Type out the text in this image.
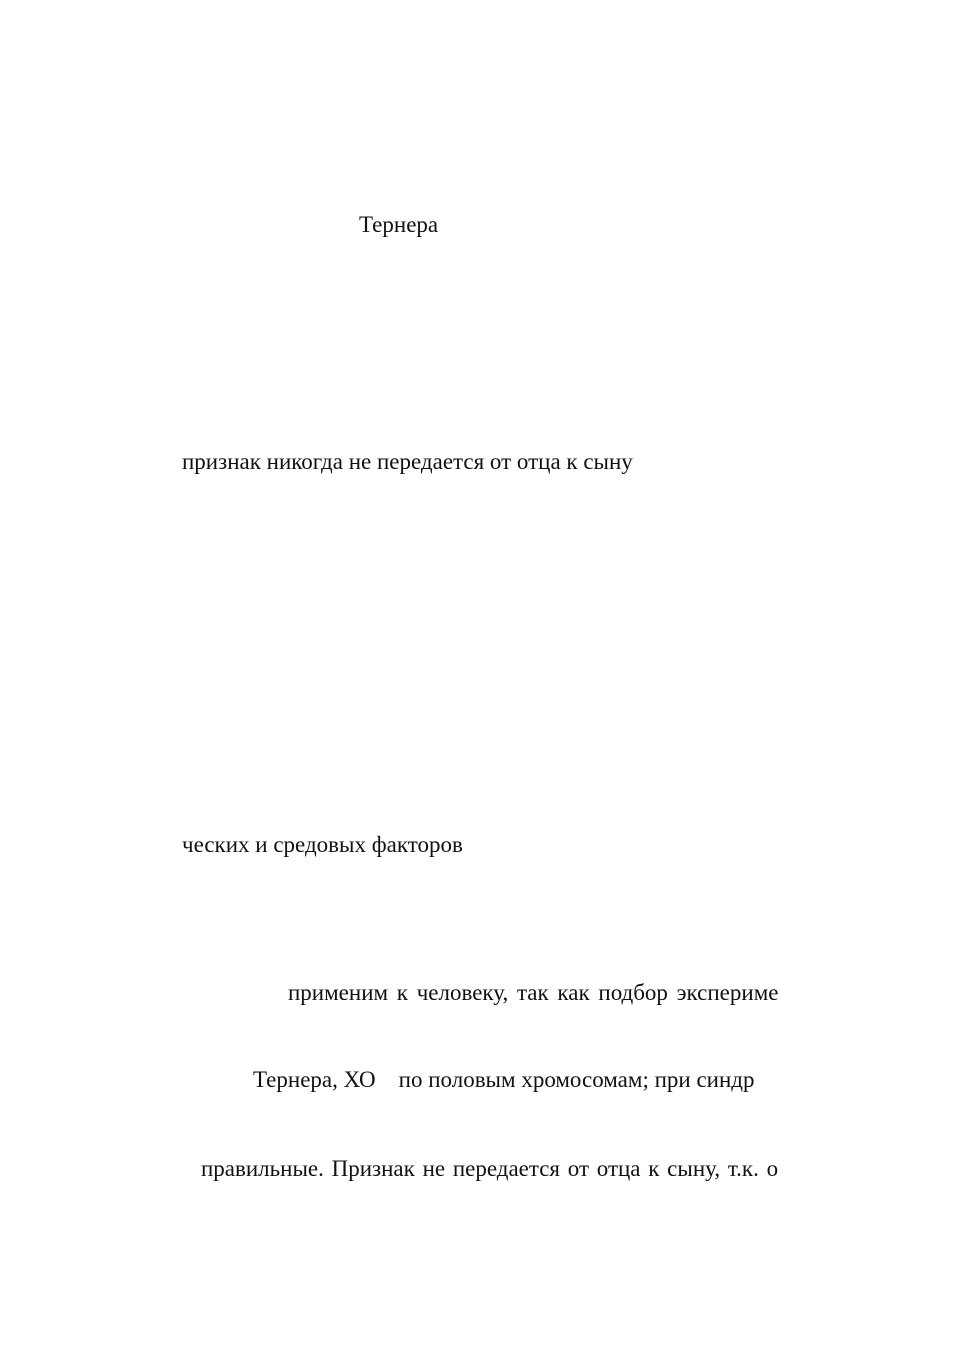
Тернера
признак никогда не передается от отца к сыну
ческих и средовых факторов
применим к человеку, так как подбор экспериме
Тернера, ХО    по половым хромосомам; при синдр
правильные. Признак не передается от отца к сыну, т.к. о
